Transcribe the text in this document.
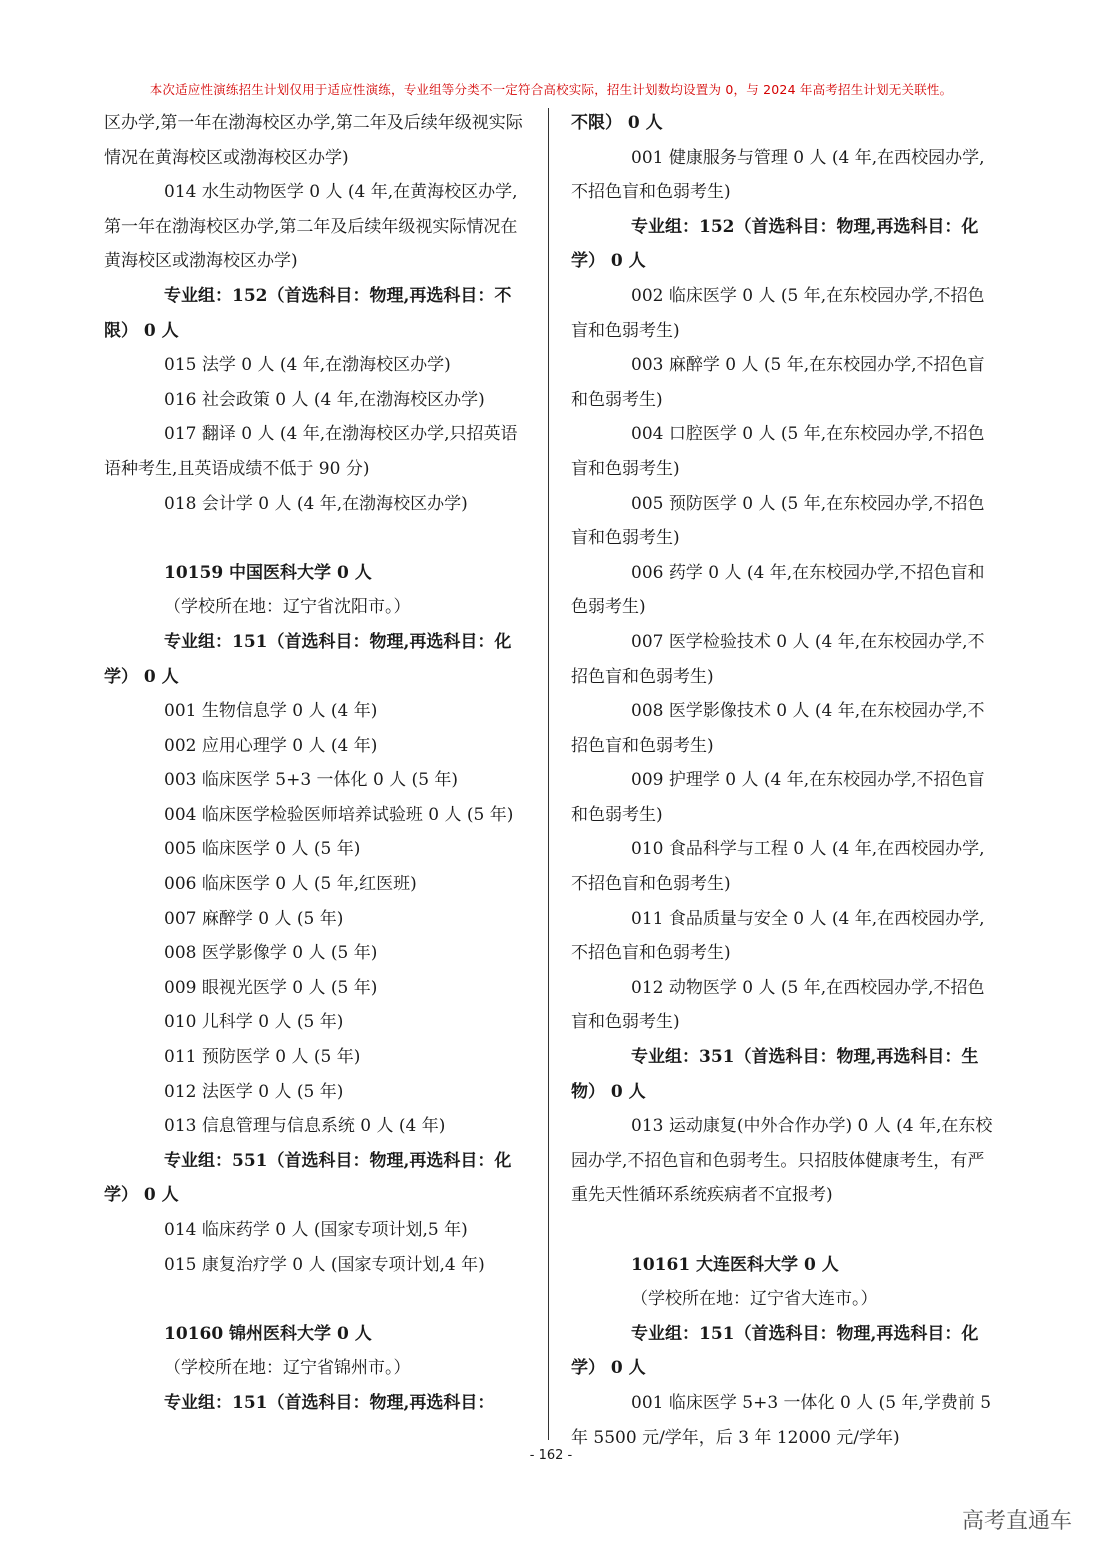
本次适应性演练招生计划仅用于适应性演练，专业组等分类不一定符合高校实际，招生计划数均设置为 0，与 2024 年高考招生计划无关联性。

区办学,第一年在渤海校区办学,第二年及后续年级视实际情况在黄海校区或渤海校区办学)

014 水生动物医学 0 人 (4 年,在黄海校区办学,第一年在渤海校区办学,第二年及后续年级视实际情况在黄海校区或渤海校区办学)

专业组：152（首选科目：物理,再选科目：不限） 0 人

015 法学 0 人 (4 年,在渤海校区办学)

016 社会政策 0 人 (4 年,在渤海校区办学)

017 翻译 0 人 (4 年,在渤海校区办学,只招英语语种考生,且英语成绩不低于 90 分)

018 会计学 0 人 (4 年,在渤海校区办学)

10159 中国医科大学 0 人

（学校所在地：辽宁省沈阳市。）

专业组：151（首选科目：物理,再选科目：化学） 0 人

001 生物信息学 0 人 (4 年)

002 应用心理学 0 人 (4 年)

003 临床医学 5+3 一体化 0 人 (5 年)

004 临床医学检验医师培养试验班 0 人 (5 年)

005 临床医学 0 人 (5 年)

006 临床医学 0 人 (5 年,红医班)

007 麻醉学 0 人 (5 年)

008 医学影像学 0 人 (5 年)

009 眼视光医学 0 人 (5 年)

010 儿科学 0 人 (5 年)

011 预防医学 0 人 (5 年)

012 法医学 0 人 (5 年)

013 信息管理与信息系统 0 人 (4 年)

专业组：551（首选科目：物理,再选科目：化学） 0 人

014 临床药学 0 人 (国家专项计划,5 年)

015 康复治疗学 0 人 (国家专项计划,4 年)

10160 锦州医科大学 0 人

（学校所在地：辽宁省锦州市。）

专业组：151（首选科目：物理,再选科目：

不限） 0 人

001 健康服务与管理 0 人 (4 年,在西校园办学,不招色盲和色弱考生)

专业组：152（首选科目：物理,再选科目：化学） 0 人

002 临床医学 0 人 (5 年,在东校园办学,不招色盲和色弱考生)

003 麻醉学 0 人 (5 年,在东校园办学,不招色盲和色弱考生)

004 口腔医学 0 人 (5 年,在东校园办学,不招色盲和色弱考生)

005 预防医学 0 人 (5 年,在东校园办学,不招色盲和色弱考生)

006 药学 0 人 (4 年,在东校园办学,不招色盲和色弱考生)

007 医学检验技术 0 人 (4 年,在东校园办学,不招色盲和色弱考生)

008 医学影像技术 0 人 (4 年,在东校园办学,不招色盲和色弱考生)

009 护理学 0 人 (4 年,在东校园办学,不招色盲和色弱考生)

010 食品科学与工程 0 人 (4 年,在西校园办学,不招色盲和色弱考生)

011 食品质量与安全 0 人 (4 年,在西校园办学,不招色盲和色弱考生)

012 动物医学 0 人 (5 年,在西校园办学,不招色盲和色弱考生)

专业组：351（首选科目：物理,再选科目：生物） 0 人

013 运动康复(中外合作办学) 0 人 (4 年,在东校园办学,不招色盲和色弱考生。只招肢体健康考生，有严重先天性循环系统疾病者不宜报考)

10161 大连医科大学 0 人

（学校所在地：辽宁省大连市。）

专业组：151（首选科目：物理,再选科目：化学） 0 人

001 临床医学 5+3 一体化 0 人 (5 年,学费前 5 年 5500 元/学年，后 3 年 12000 元/学年)

- 162 -
高考直通车
